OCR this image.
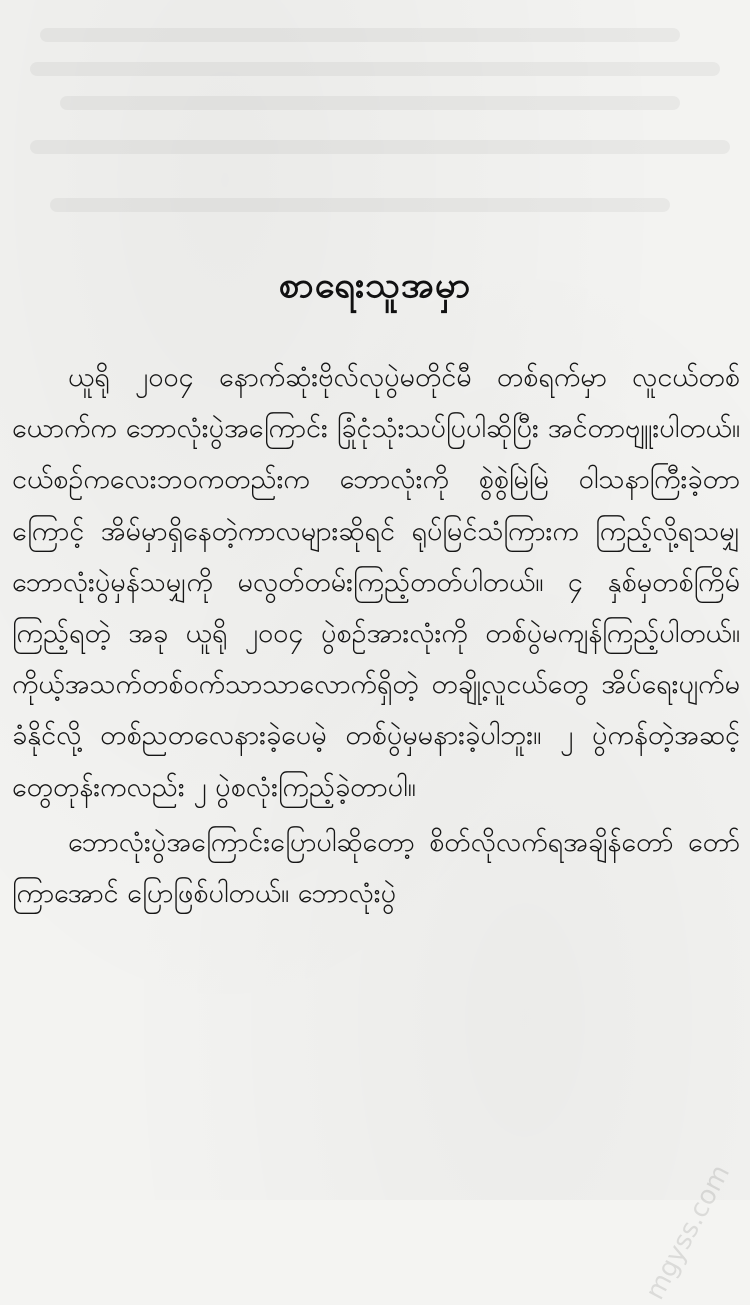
စာရေးသူအမှာ

ယူရို ၂၀၀၄ နောက်ဆုံးဗိုလ်လုပွဲမတိုင်မီ တစ်ရက်မှာ လူငယ်တစ်ယောက်က ဘောလုံးပွဲအကြောင်း ခြုံငုံသုံးသပ်ပြပါဆိုပြီး အင်တာဗျူးပါတယ်။ ငယ်စဉ်ကလေးဘဝကတည်းက ဘောလုံးကို စွဲစွဲမြဲမြဲ ဝါသနာကြီးခဲ့တာကြောင့် အိမ်မှာရှိနေတဲ့ကာလများဆိုရင် ရုပ်မြင်သံကြားက ကြည့်လို့ရသမျှ ဘောလုံးပွဲမှန်သမျှကို မလွတ်တမ်းကြည့်တတ်ပါတယ်။ ၄ နှစ်မှတစ်ကြိမ်ကြည့်ရတဲ့ အခု ယူရို ၂၀၀၄ ပွဲစဉ်အားလုံးကို တစ်ပွဲမကျန်ကြည့်ပါတယ်။ ကိုယ့်အသက်တစ်ဝက်သာသာလောက်ရှိတဲ့ တချို့လူငယ်တွေ အိပ်ရေးပျက်မခံနိုင်လို့ တစ်ညတလေနားခဲ့ပေမဲ့ တစ်ပွဲမှမနားခဲ့ပါဘူး။ ၂ ပွဲကန်တဲ့အဆင့်တွေတုန်းကလည်း ၂ ပွဲစလုံးကြည့်ခဲ့တာပါ။

ဘောလုံးပွဲအကြောင်းပြောပါဆိုတော့ စိတ်လိုလက်ရအချိန်တော် တော်ကြာအောင် ပြောဖြစ်ပါတယ်။ ဘောလုံးပွဲ

mgyss.com
